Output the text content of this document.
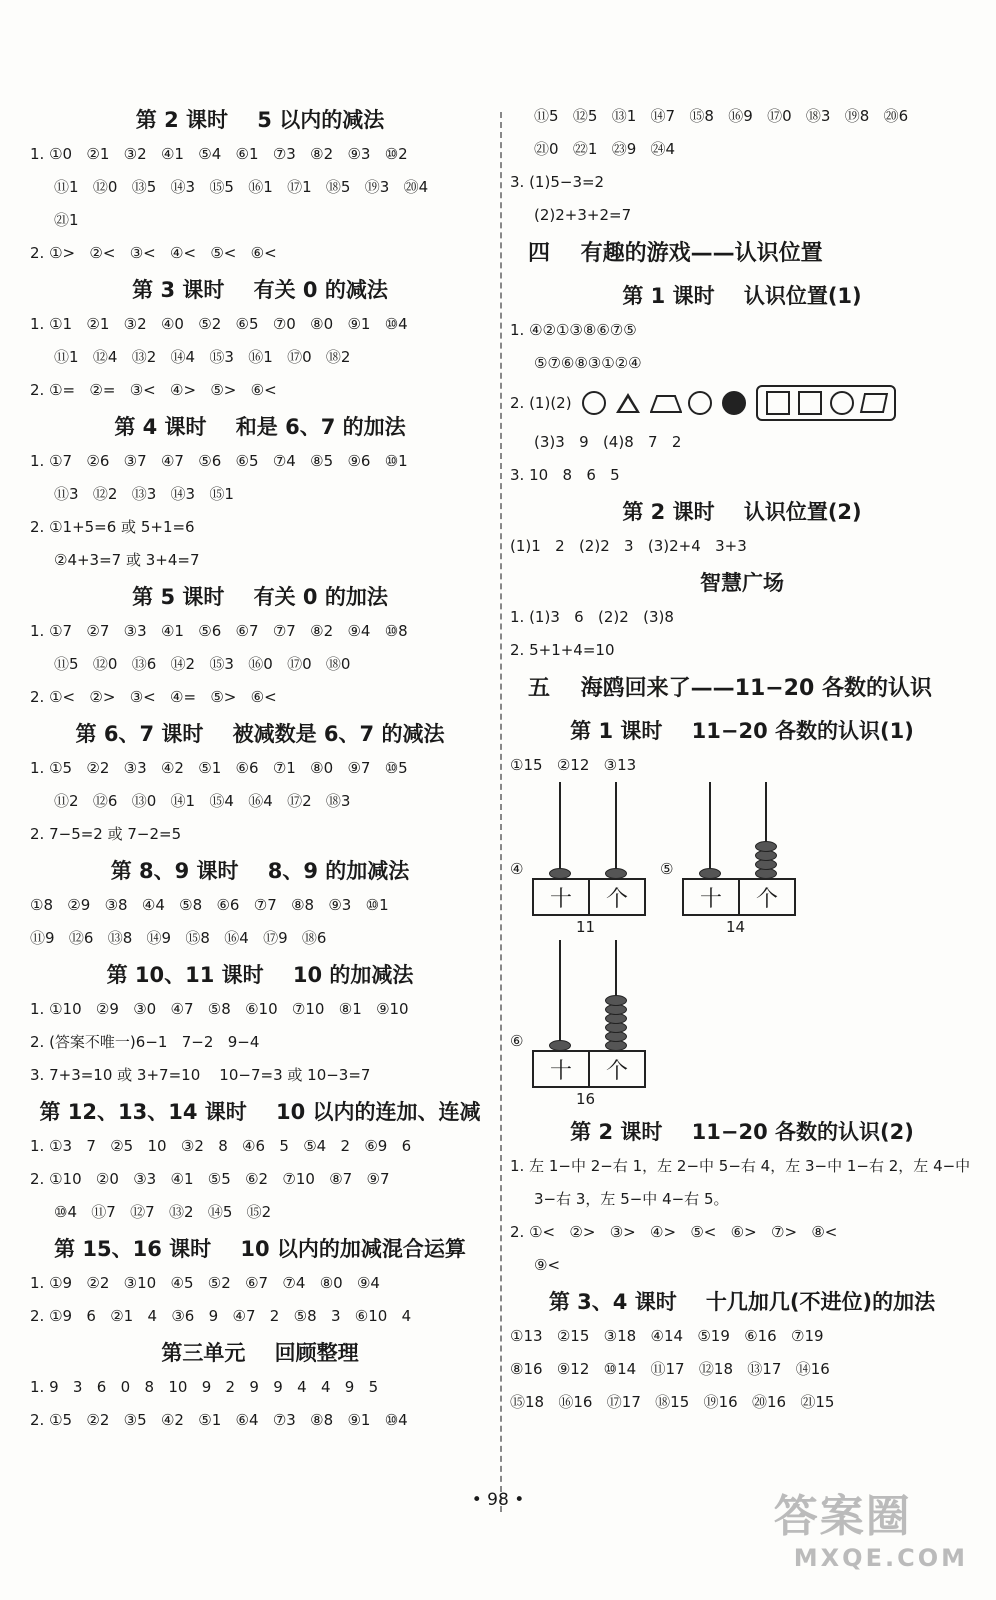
第 2 课时    5 以内的减法
1. ①0   ②1   ③2   ④1   ⑤4   ⑥1   ⑦3   ⑧2   ⑨3   ⑩2
⑪1   ⑫0   ⑬5   ⑭3   ⑮5   ⑯1   ⑰1   ⑱5   ⑲3   ⑳4
㉑1
2. ①>   ②<   ③<   ④<   ⑤<   ⑥<
第 3 课时    有关 0 的减法
1. ①1   ②1   ③2   ④0   ⑤2   ⑥5   ⑦0   ⑧0   ⑨1   ⑩4
⑪1   ⑫4   ⑬2   ⑭4   ⑮3   ⑯1   ⑰0   ⑱2
2. ①=   ②=   ③<   ④>   ⑤>   ⑥<
第 4 课时    和是 6、7 的加法
1. ①7   ②6   ③7   ④7   ⑤6   ⑥5   ⑦4   ⑧5   ⑨6   ⑩1
⑪3   ⑫2   ⑬3   ⑭3   ⑮1
2. ①1+5=6 或 5+1=6
②4+3=7 或 3+4=7
第 5 课时    有关 0 的加法
1. ①7   ②7   ③3   ④1   ⑤6   ⑥7   ⑦7   ⑧2   ⑨4   ⑩8
⑪5   ⑫0   ⑬6   ⑭2   ⑮3   ⑯0   ⑰0   ⑱0
2. ①<   ②>   ③<   ④=   ⑤>   ⑥<
第 6、7 课时    被减数是 6、7 的减法
1. ①5   ②2   ③3   ④2   ⑤1   ⑥6   ⑦1   ⑧0   ⑨7   ⑩5
⑪2   ⑫6   ⑬0   ⑭1   ⑮4   ⑯4   ⑰2   ⑱3
2. 7−5=2 或 7−2=5
第 8、9 课时    8、9 的加减法
①8   ②9   ③8   ④4   ⑤8   ⑥6   ⑦7   ⑧8   ⑨3   ⑩1
⑪9   ⑫6   ⑬8   ⑭9   ⑮8   ⑯4   ⑰9   ⑱6
第 10、11 课时    10 的加减法
1. ①10   ②9   ③0   ④7   ⑤8   ⑥10   ⑦10   ⑧1   ⑨10
2. (答案不唯一)6−1   7−2   9−4
3. 7+3=10 或 3+7=10    10−7=3 或 10−3=7
第 12、13、14 课时    10 以内的连加、连减
1. ①3   7   ②5   10   ③2   8   ④6   5   ⑤4   2   ⑥9   6
2. ①10   ②0   ③3   ④1   ⑤5   ⑥2   ⑦10   ⑧7   ⑨7
⑩4   ⑪7   ⑫7   ⑬2   ⑭5   ⑮2
第 15、16 课时    10 以内的加减混合运算
1. ①9   ②2   ③10   ④5   ⑤2   ⑥7   ⑦4   ⑧0   ⑨4
2. ①9   6   ②1   4   ③6   9   ④7   2   ⑤8   3   ⑥10   4
第三单元    回顾整理
1. 9   3   6   0   8   10   9   2   9   9   4   4   9   5
2. ①5   ②2   ③5   ④2   ⑤1   ⑥4   ⑦3   ⑧8   ⑨1   ⑩4
⑪5   ⑫5   ⑬1   ⑭7   ⑮8   ⑯9   ⑰0   ⑱3   ⑲8   ⑳6
㉑0   ㉒1   ㉓9   ㉔4
3. (1)5−3=2
(2)2+3+2=7
四    有趣的游戏——认识位置
第 1 课时    认识位置(1)
1. ④②①③⑧⑥⑦⑤
⑤⑦⑥⑧③①②④
2. (1)(2)
(3)3   9   (4)8   7   2
3. 10   8   6   5
第 2 课时    认识位置(2)
(1)1   2   (2)2   3   (3)2+4   3+3
智慧广场
1. (1)3   6   (2)2   (3)8
2. 5+1+4=10
五    海鸥回来了——11−20 各数的认识
第 1 课时    11−20 各数的认识(1)
①15   ②12   ③13
④
十	个
11
⑤
十	个
14
⑥
十	个
16
第 2 课时    11−20 各数的认识(2)
1. 左 1−中 2−右 1，左 2−中 5−右 4，左 3−中 1−右 2，左 4−中 3−右 3，左 5−中 4−右 5。
2. ①<   ②>   ③>   ④>   ⑤<   ⑥>   ⑦>   ⑧<
⑨<
第 3、4 课时    十几加几(不进位)的加法
①13   ②15   ③18   ④14   ⑤19   ⑥16   ⑦19
⑧16   ⑨12   ⑩14   ⑪17   ⑫18   ⑬17   ⑭16
⑮18   ⑯16   ⑰17   ⑱15   ⑲16   ⑳16   ㉑15
• 98 •	答案圈
MXQE.COM
